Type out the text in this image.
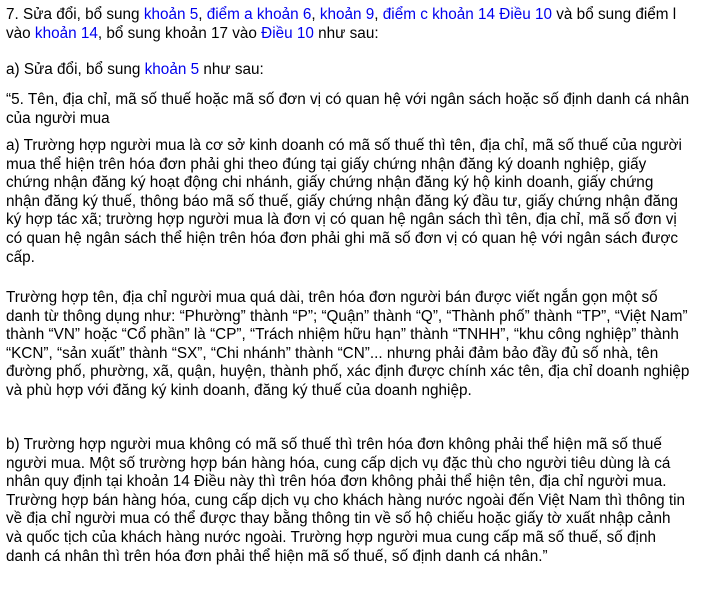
7. Sửa đổi, bổ sung khoản 5, điểm a khoản 6, khoản 9, điểm c khoản 14 Điều 10 và bổ sung điểm l vào khoản 14, bổ sung khoản 17 vào Điều 10 như sau:

a) Sửa đổi, bổ sung khoản 5 như sau:

“5. Tên, địa chỉ, mã số thuế hoặc mã số đơn vị có quan hệ với ngân sách hoặc số định danh cá nhân của người mua

a) Trường hợp người mua là cơ sở kinh doanh có mã số thuế thì tên, địa chỉ, mã số thuế của người mua thể hiện trên hóa đơn phải ghi theo đúng tại giấy chứng nhận đăng ký doanh nghiệp, giấy chứng nhận đăng ký hoạt động chi nhánh, giấy chứng nhận đăng ký hộ kinh doanh, giấy chứng nhận đăng ký thuế, thông báo mã số thuế, giấy chứng nhận đăng ký đầu tư, giấy chứng nhận đăng ký hợp tác xã; trường hợp người mua là đơn vị có quan hệ ngân sách thì tên, địa chỉ, mã số đơn vị có quan hệ ngân sách thể hiện trên hóa đơn phải ghi mã số đơn vị có quan hệ với ngân sách được cấp.

Trường hợp tên, địa chỉ người mua quá dài, trên hóa đơn người bán được viết ngắn gọn một số danh từ thông dụng như: “Phường” thành “P”; “Quận” thành “Q”, “Thành phố” thành “TP”, “Việt Nam” thành “VN” hoặc “Cổ phần” là “CP”, “Trách nhiệm hữu hạn” thành “TNHH”, “khu công nghiệp” thành “KCN”, “sản xuất” thành “SX”, “Chi nhánh” thành “CN”... nhưng phải đảm bảo đầy đủ số nhà, tên đường phố, phường, xã, quận, huyện, thành phố, xác định được chính xác tên, địa chỉ doanh nghiệp và phù hợp với đăng ký kinh doanh, đăng ký thuế của doanh nghiệp.

b) Trường hợp người mua không có mã số thuế thì trên hóa đơn không phải thể hiện mã số thuế người mua. Một số trường hợp bán hàng hóa, cung cấp dịch vụ đặc thù cho người tiêu dùng là cá nhân quy định tại khoản 14 Điều này thì trên hóa đơn không phải thể hiện tên, địa chỉ người mua. Trường hợp bán hàng hóa, cung cấp dịch vụ cho khách hàng nước ngoài đến Việt Nam thì thông tin về địa chỉ người mua có thể được thay bằng thông tin về số hộ chiếu hoặc giấy tờ xuất nhập cảnh và quốc tịch của khách hàng nước ngoài. Trường hợp người mua cung cấp mã số thuế, số định danh cá nhân thì trên hóa đơn phải thể hiện mã số thuế, số định danh cá nhân.”
